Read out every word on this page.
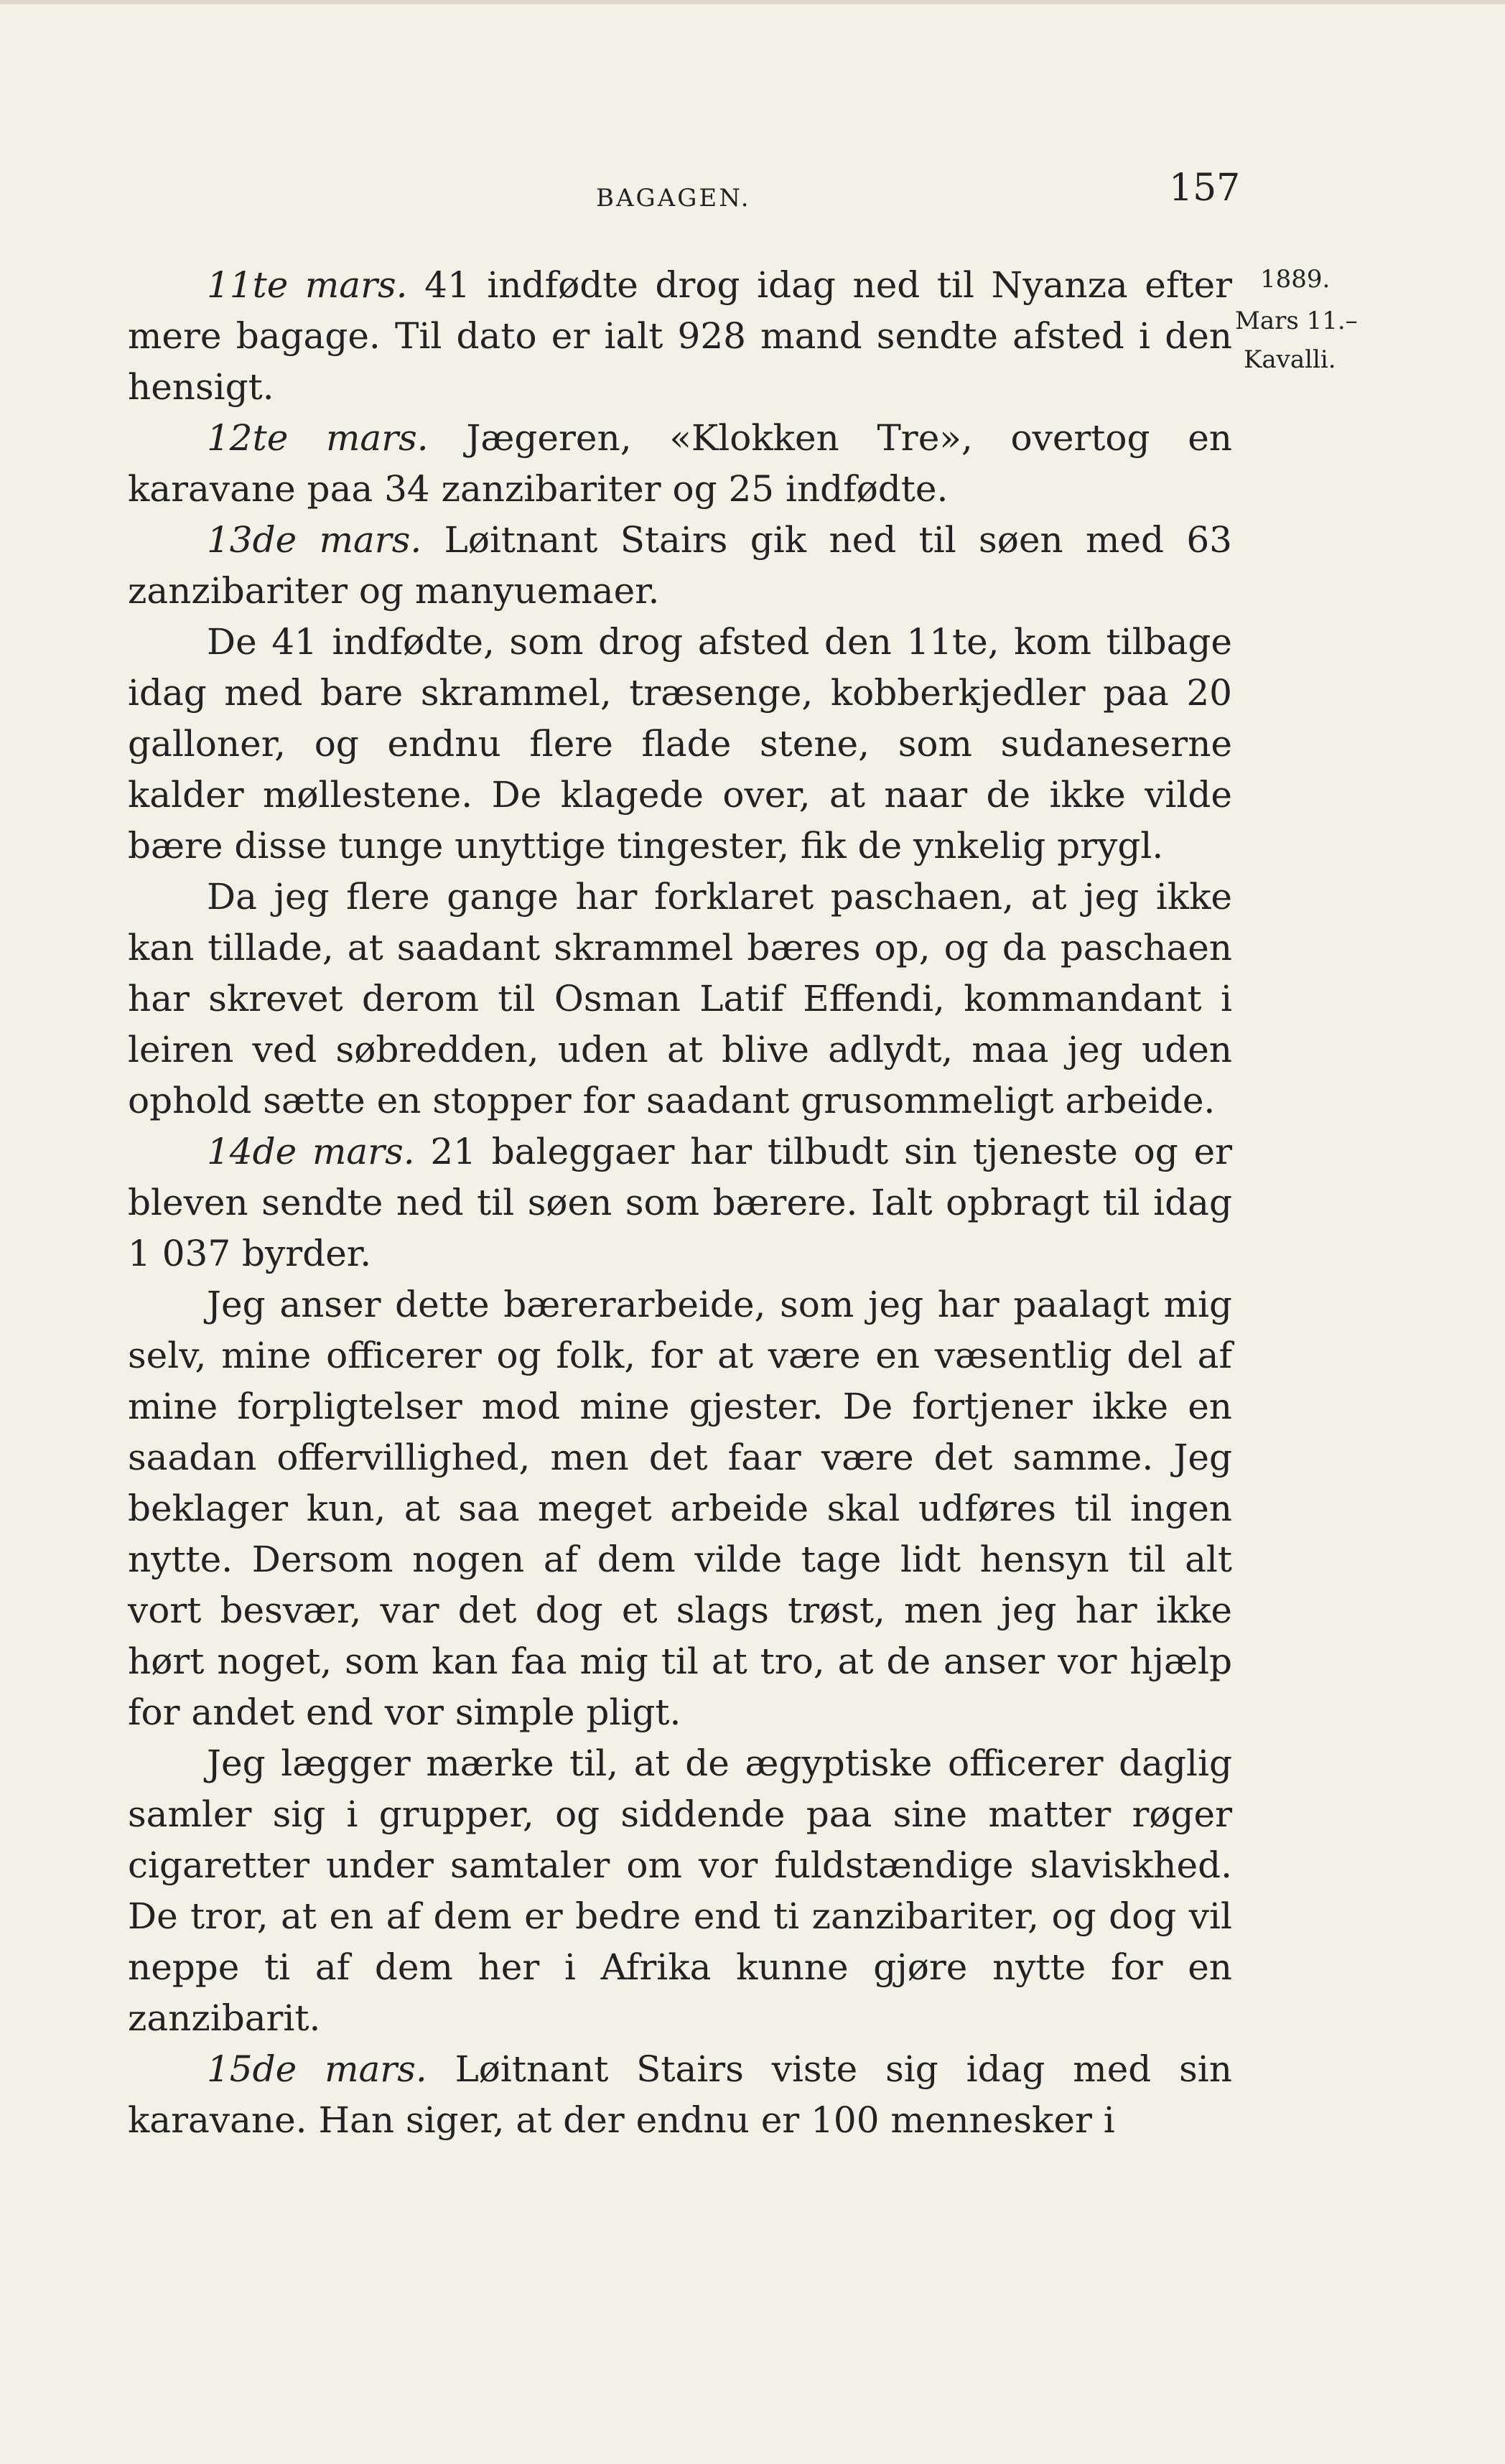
BAGAGEN.	157
1889.
Mars 11.–
Kavalli.

11te mars. 41 indfødte drog idag ned til Nyanza efter mere bagage. Til dato er ialt 928 mand sendte afsted i den hensigt.

12te mars. Jægeren, «Klokken Tre», overtog en karavane paa 34 zanzibariter og 25 indfødte.

13de mars. Løitnant Stairs gik ned til søen med 63 zanzibariter og manyuemaer.

De 41 indfødte, som drog afsted den 11te, kom tilbage idag med bare skrammel, træsenge, kobberkjedler paa 20 galloner, og endnu flere flade stene, som sudaneserne kalder møllestene. De klagede over, at naar de ikke vilde bære disse tunge unyttige tingester, fik de ynkelig prygl.

Da jeg flere gange har forklaret paschaen, at jeg ikke kan tillade, at saadant skrammel bæres op, og da paschaen har skrevet derom til Osman Latif Effendi, kommandant i leiren ved søbredden, uden at blive adlydt, maa jeg uden ophold sætte en stopper for saadant grusommeligt arbeide.

14de mars. 21 baleggaer har tilbudt sin tjeneste og er bleven sendte ned til søen som bærere. Ialt opbragt til idag 1 037 byrder.

Jeg anser dette bærerarbeide, som jeg har paalagt mig selv, mine officerer og folk, for at være en væsentlig del af mine forpligtelser mod mine gjester. De fortjener ikke en saadan offervillighed, men det faar være det samme. Jeg beklager kun, at saa meget arbeide skal udføres til ingen nytte. Dersom nogen af dem vilde tage lidt hensyn til alt vort besvær, var det dog et slags trøst, men jeg har ikke hørt noget, som kan faa mig til at tro, at de anser vor hjælp for andet end vor simple pligt.

Jeg lægger mærke til, at de ægyptiske officerer daglig samler sig i grupper, og siddende paa sine matter røger cigaretter under samtaler om vor fuldstændige slaviskhed. De tror, at en af dem er bedre end ti zanzibariter, og dog vil neppe ti af dem her i Afrika kunne gjøre nytte for en zanzibarit.

15de mars. Løitnant Stairs viste sig idag med sin karavane. Han siger, at der endnu er 100 mennesker i
